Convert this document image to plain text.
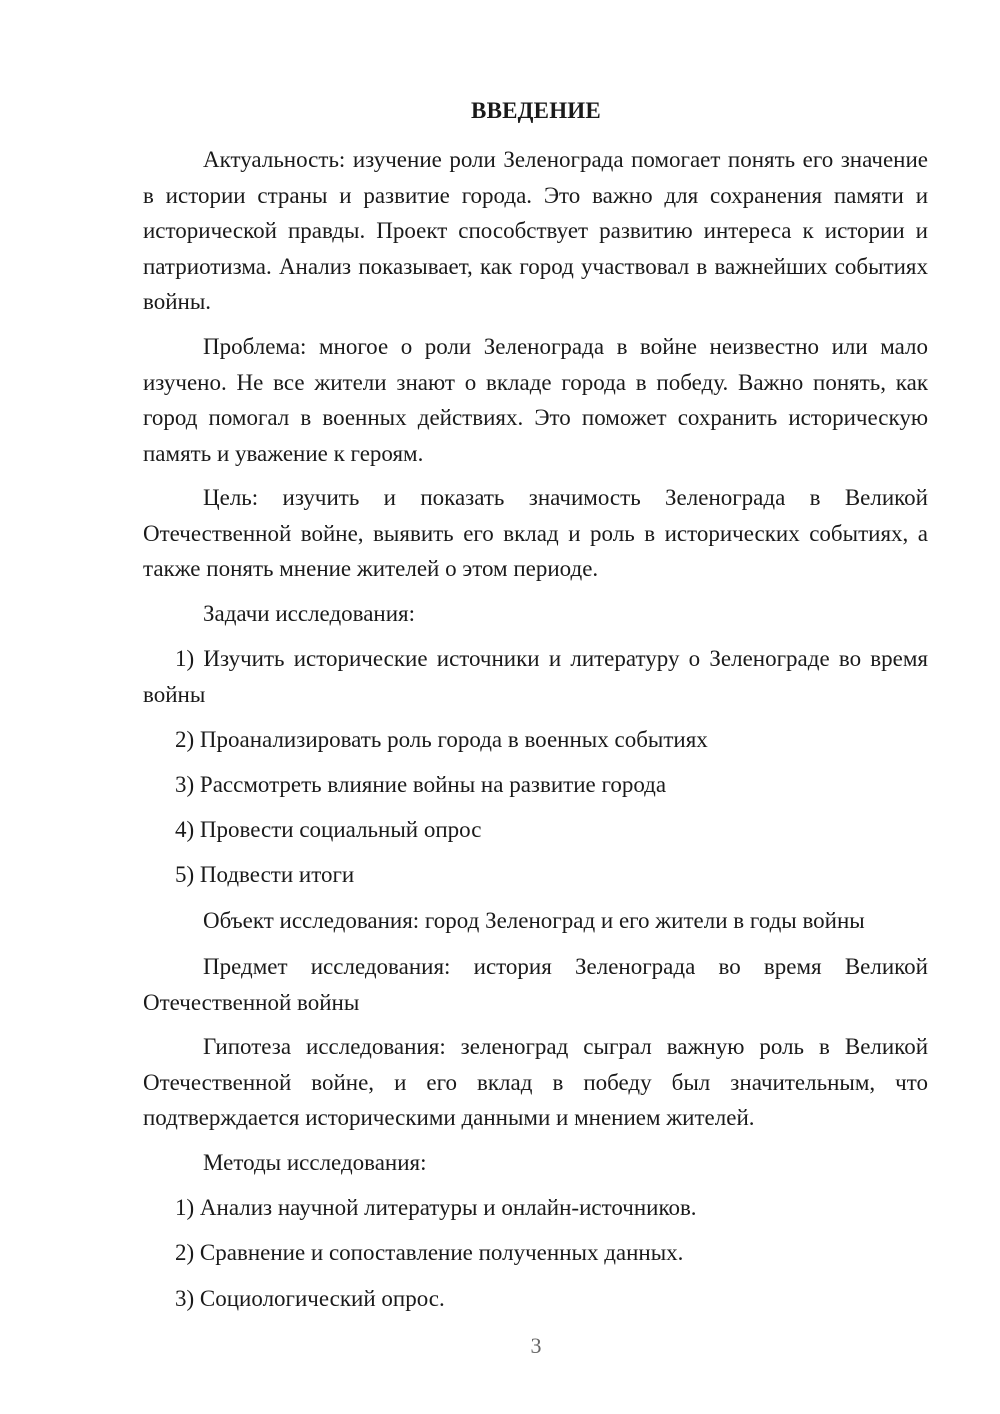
ВВЕДЕНИЕ

Актуальность: изучение роли Зеленограда помогает понять его значение в истории страны и развитие города. Это важно для сохранения памяти и исторической правды. Проект способствует развитию интереса к истории и патриотизма. Анализ показывает, как город участвовал в важнейших событиях войны.

Проблема: многое о роли Зеленограда в войне неизвестно или мало изучено. Не все жители знают о вкладе города в победу. Важно понять, как город помогал в военных действиях. Это поможет сохранить историческую память и уважение к героям.

Цель: изучить и показать значимость Зеленограда в Великой Отечественной войне, выявить его вклад и роль в исторических событиях, а также понять мнение жителей о этом периоде.

Задачи исследования:

1) Изучить исторические источники и литературу о Зеленограде во время войны

2) Проанализировать роль города в военных событиях

3) Рассмотреть влияние войны на развитие города

4) Провести социальный опрос

5) Подвести итоги

Объект исследования: город Зеленоград и его жители в годы войны

Предмет исследования: история Зеленограда во время Великой Отечественной войны

Гипотеза исследования: зеленоград сыграл важную роль в Великой Отечественной войне, и его вклад в победу был значительным, что подтверждается историческими данными и мнением жителей.

Методы исследования:

1) Анализ научной литературы и онлайн-источников.

2) Сравнение и сопоставление полученных данных.

3) Социологический опрос.

3
